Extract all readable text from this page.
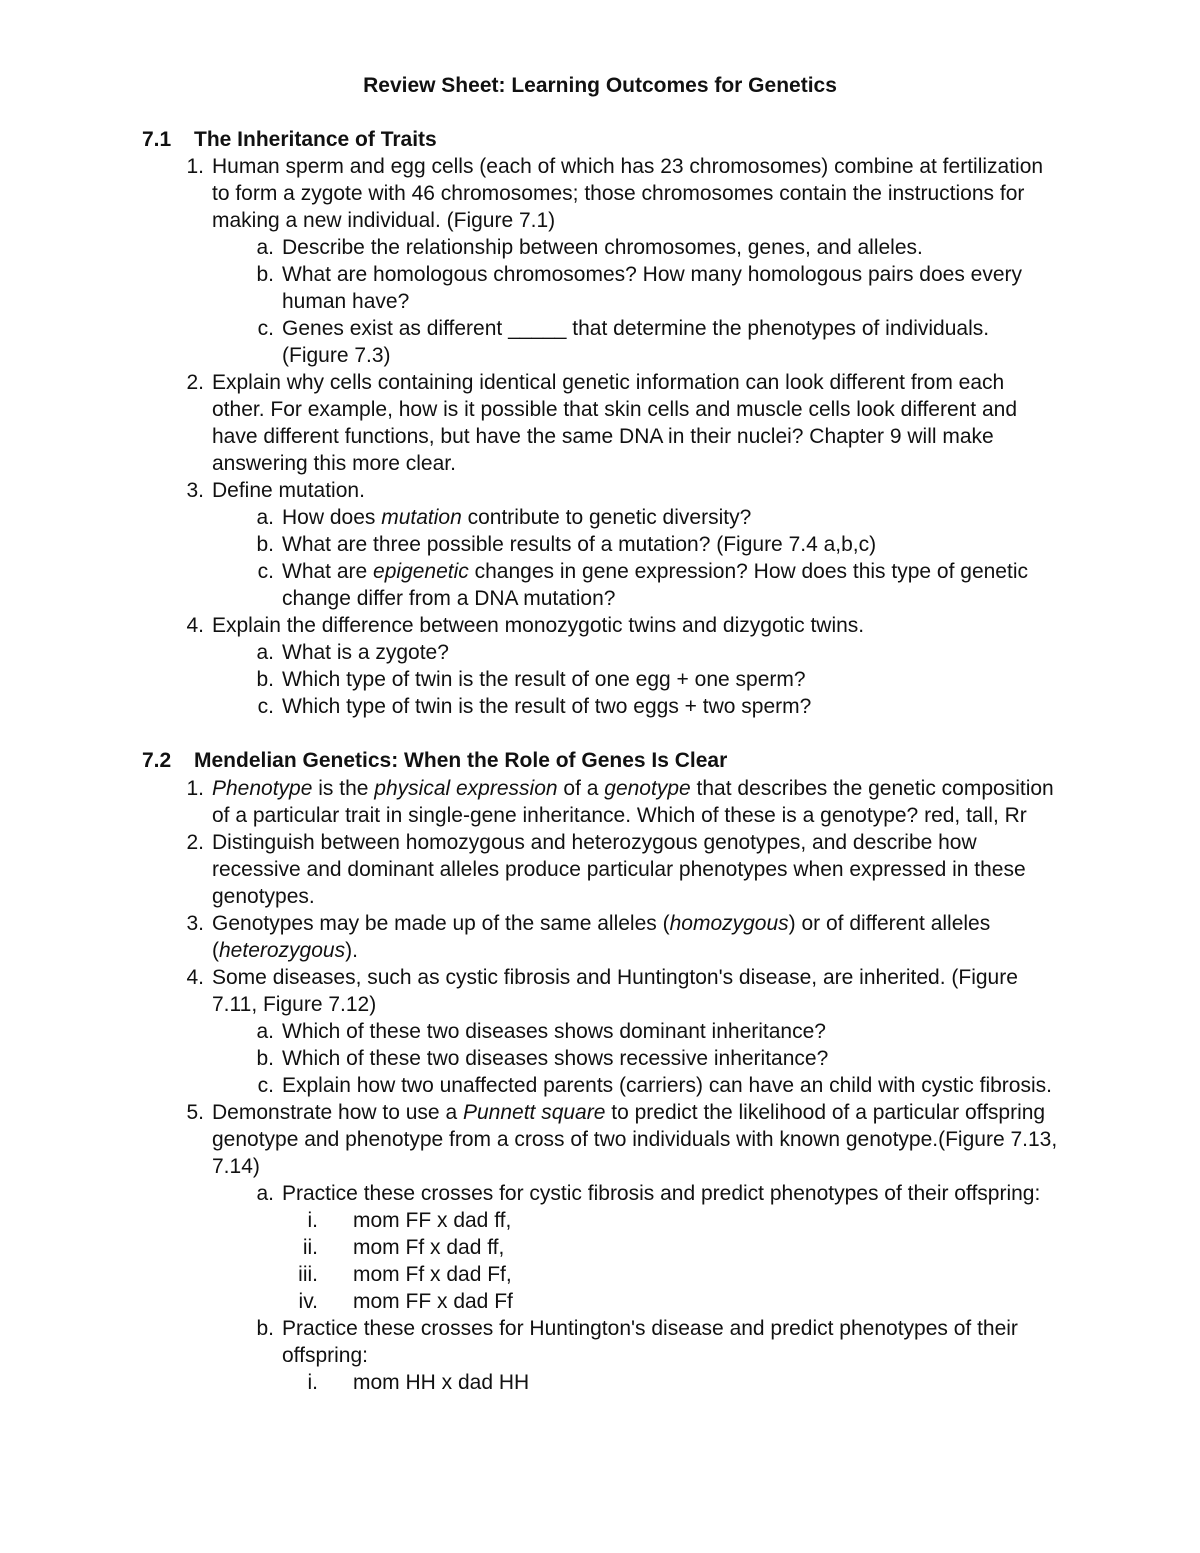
Review Sheet: Learning Outcomes for Genetics
7.1 The Inheritance of Traits
1. Human sperm and egg cells (each of which has 23 chromosomes) combine at fertilization to form a zygote with 46 chromosomes; those chromosomes contain the instructions for making a new individual. (Figure 7.1)
a. Describe the relationship between chromosomes, genes, and alleles.
b. What are homologous chromosomes? How many homologous pairs does every human have?
c. Genes exist as different _____ that determine the phenotypes of individuals. (Figure 7.3)
2. Explain why cells containing identical genetic information can look different from each other. For example, how is it possible that skin cells and muscle cells look different and have different functions, but have the same DNA in their nuclei? Chapter 9 will make answering this more clear.
3. Define mutation.
a. How does mutation contribute to genetic diversity?
b. What are three possible results of a mutation? (Figure 7.4 a,b,c)
c. What are epigenetic changes in gene expression? How does this type of genetic change differ from a DNA mutation?
4. Explain the difference between monozygotic twins and dizygotic twins.
a. What is a zygote?
b. Which type of twin is the result of one egg + one sperm?
c. Which type of twin is the result of two eggs + two sperm?
7.2 Mendelian Genetics: When the Role of Genes Is Clear
1. Phenotype is the physical expression of a genotype that describes the genetic composition of a particular trait in single-gene inheritance. Which of these is a genotype? red, tall, Rr
2. Distinguish between homozygous and heterozygous genotypes, and describe how recessive and dominant alleles produce particular phenotypes when expressed in these genotypes.
3. Genotypes may be made up of the same alleles (homozygous) or of different alleles (heterozygous).
4. Some diseases, such as cystic fibrosis and Huntington's disease, are inherited. (Figure 7.11, Figure 7.12)
a. Which of these two diseases shows dominant inheritance?
b. Which of these two diseases shows recessive inheritance?
c. Explain how two unaffected parents (carriers) can have an child with cystic fibrosis.
5. Demonstrate how to use a Punnett square to predict the likelihood of a particular offspring genotype and phenotype from a cross of two individuals with known genotype.(Figure 7.13, 7.14)
a. Practice these crosses for cystic fibrosis and predict phenotypes of their offspring:
i. mom FF x dad ff,
ii. mom Ff x dad ff,
iii. mom Ff x dad Ff,
iv. mom FF x dad Ff
b. Practice these crosses for Huntington's disease and predict phenotypes of their offspring:
i. mom HH x dad HH
